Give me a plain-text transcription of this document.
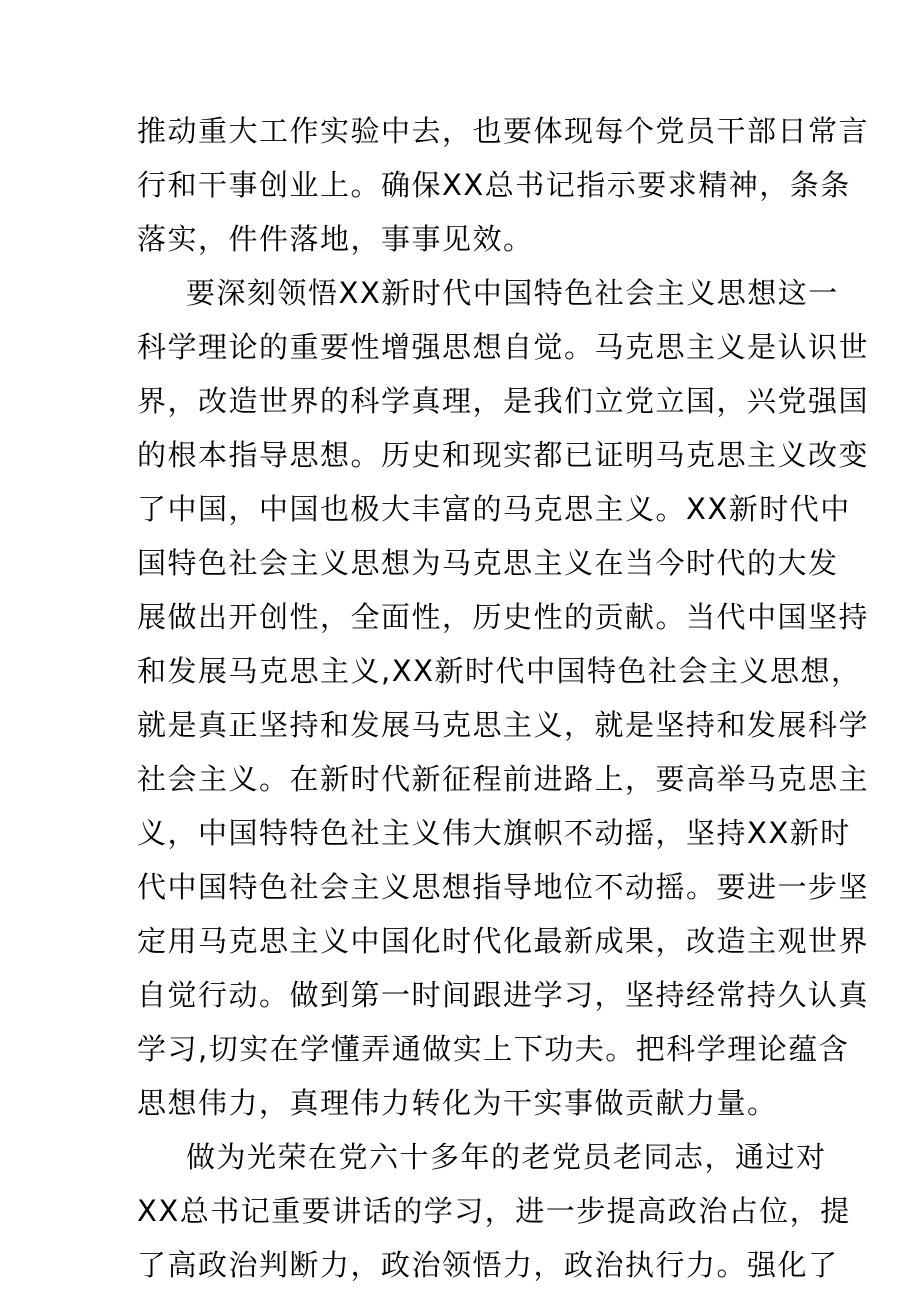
推动重大工作实验中去，也要体现每个党员干部日常言
行和干事创业上。确保XX总书记指示要求精神，条条
落实，件件落地，事事见效。
要深刻领悟XX新时代中国特色社会主义思想这一
科学理论的重要性增强思想自觉。马克思主义是认识世
界，改造世界的科学真理，是我们立党立国，兴党强国
的根本指导思想。历史和现实都已证明马克思主义改变
了中国，中国也极大丰富的马克思主义。XX新时代中
国特色社会主义思想为马克思主义在当今时代的大发
展做出开创性，全面性，历史性的贡献。当代中国坚持
和发展马克思主义,XX新时代中国特色社会主义思想，
就是真正坚持和发展马克思主义，就是坚持和发展科学
社会主义。在新时代新征程前进路上，要高举马克思主
义，中国特特色社主义伟大旗帜不动摇，坚持XX新时
代中国特色社会主义思想指导地位不动摇。要进一步坚
定用马克思主义中国化时代化最新成果，改造主观世界
自觉行动。做到第一时间跟进学习，坚持经常持久认真
学习,切实在学懂弄通做实上下功夫。把科学理论蕴含
思想伟力，真理伟力转化为干实事做贡献力量。
做为光荣在党六十多年的老党员老同志，通过对
XX总书记重要讲话的学习，进一步提高政治占位，提
了高政治判断力，政治领悟力，政治执行力。强化了
